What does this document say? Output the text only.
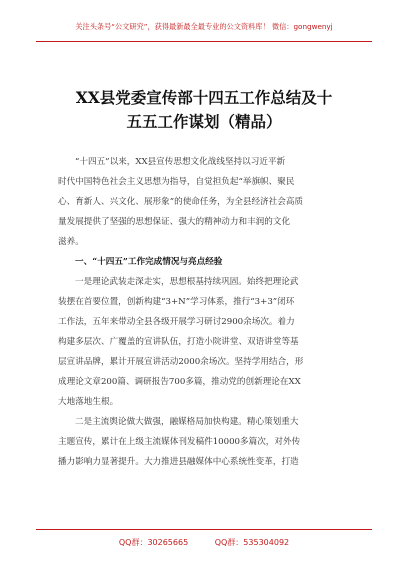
关注头条号“公文研究”，获得最新最全最专业的公文资料库！ 微信：gongwenyj
XX县党委宣传部十四五工作总结及十
五五工作谋划（精品）
“十四五”以来，XX县宣传思想文化战线坚持以习近平新
时代中国特色社会主义思想为指导，自觉担负起“举旗帜、聚民
心、育新人、兴文化、展形象”的使命任务，为全县经济社会高质
量发展提供了坚强的思想保证、强大的精神动力和丰润的文化
滋养。
一、“十四五”工作完成情况与亮点经验
一是理论武装走深走实，思想根基持续巩固。始终把理论武
装摆在首要位置，创新构建“3+N”学习体系，推行“3+3”闭环
工作法，五年来带动全县各级开展学习研讨2900余场次。着力
构建多层次、广覆盖的宣讲队伍，打造小院讲堂、双语讲堂等基
层宣讲品牌，累计开展宣讲活动2000余场次。坚持学用结合，形
成理论文章200篇、调研报告700多篇，推动党的创新理论在XX
大地落地生根。
二是主流舆论做大做强，融媒格局加快构建。精心策划重大
主题宣传，累计在上级主流媒体刊发稿件10000多篇次，对外传
播力影响力显著提升。大力推进县融媒体中心系统性变革，打造
QQ群：30265665	QQ群：535304092
